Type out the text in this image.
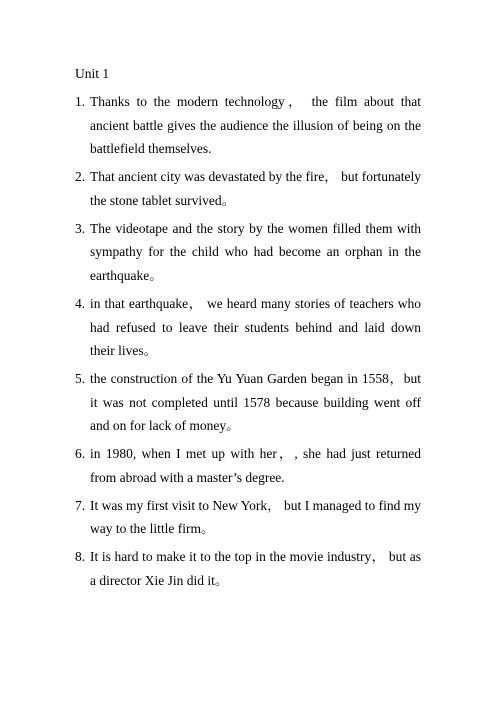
Unit 1
1. Thanks to the modern technology， the film about that ancient battle gives the audience the illusion of being on the battlefield themselves.
2. That ancient city was devastated by the fire， but fortunately the stone tablet survived。
3. The videotape and the story by the women filled them with sympathy for the child who had become an orphan in the earthquake。
4. in that earthquake， we heard many stories of teachers who had refused to leave their students behind and laid down their lives。
5. the construction of the Yu Yuan Garden began in 1558，but it was not completed until 1578 because building went off and on for lack of money。
6. in 1980, when I met up with her，, she had just returned from abroad with a master’s degree.
7. It was my first visit to New York， but I managed to find my way to the little firm。
8. It is hard to make it to the top in the movie industry， but as a director Xie Jin did it。
